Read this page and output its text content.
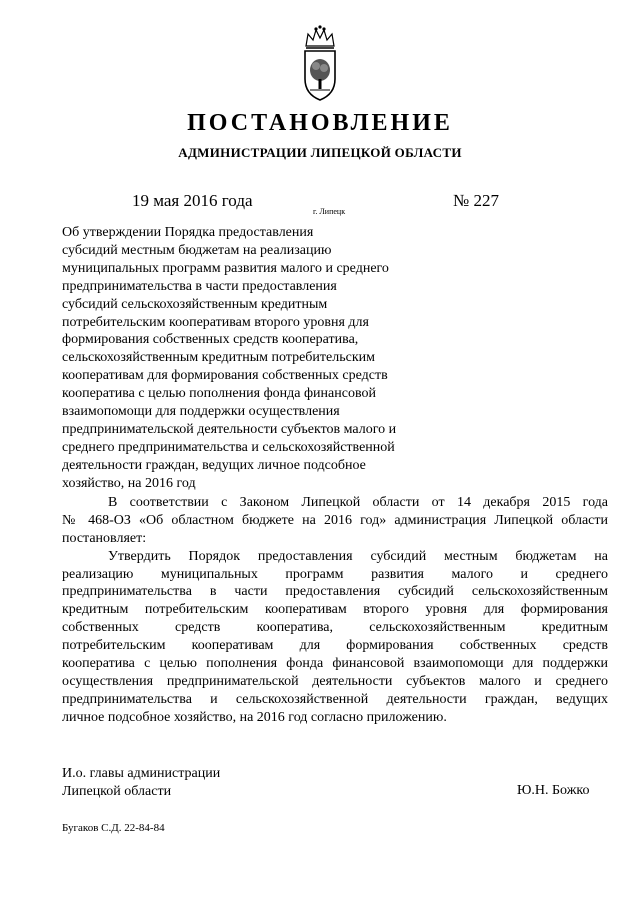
ПОСТАНОВЛЕНИЕ
АДМИНИСТРАЦИИ ЛИПЕЦКОЙ ОБЛАСТИ
19 мая 2016 года
г. Липецк
№ 227
Об утверждении Порядка предоставления
субсидий местным бюджетам на реализацию
муниципальных программ развития малого и среднего
предпринимательства в части предоставления
субсидий сельскохозяйственным кредитным
потребительским кооперативам второго уровня для
формирования собственных средств кооператива,
сельскохозяйственным кредитным потребительским
кооперативам для формирования собственных средств
кооператива с целью пополнения фонда финансовой
взаимопомощи для поддержки осуществления
предпринимательской деятельности субъектов малого и
среднего предпринимательства и сельскохозяйственной
деятельности граждан, ведущих личное подсобное
хозяйство, на 2016 год
В соответствии с Законом Липецкой области от 14 декабря 2015 года
№ 468-ОЗ «Об областном бюджете на 2016 год» администрация Липецкой области
постановляет:
Утвердить Порядок предоставления субсидий местным бюджетам на
реализацию муниципальных программ развития малого и среднего
предпринимательства в части предоставления субсидий сельскохозяйственным
кредитным потребительским кооперативам второго уровня для формирования
собственных средств кооператива, сельскохозяйственным кредитным
потребительским кооперативам для формирования собственных средств
кооператива с целью пополнения фонда финансовой взаимопомощи для поддержки
осуществления предпринимательской деятельности субъектов малого и среднего
предпринимательства и сельскохозяйственной деятельности граждан, ведущих
личное подсобное хозяйство, на 2016 год согласно приложению.
И.о. главы администрации
Липецкой области	Ю.Н. Божко
Бугаков С.Д. 22-84-84
